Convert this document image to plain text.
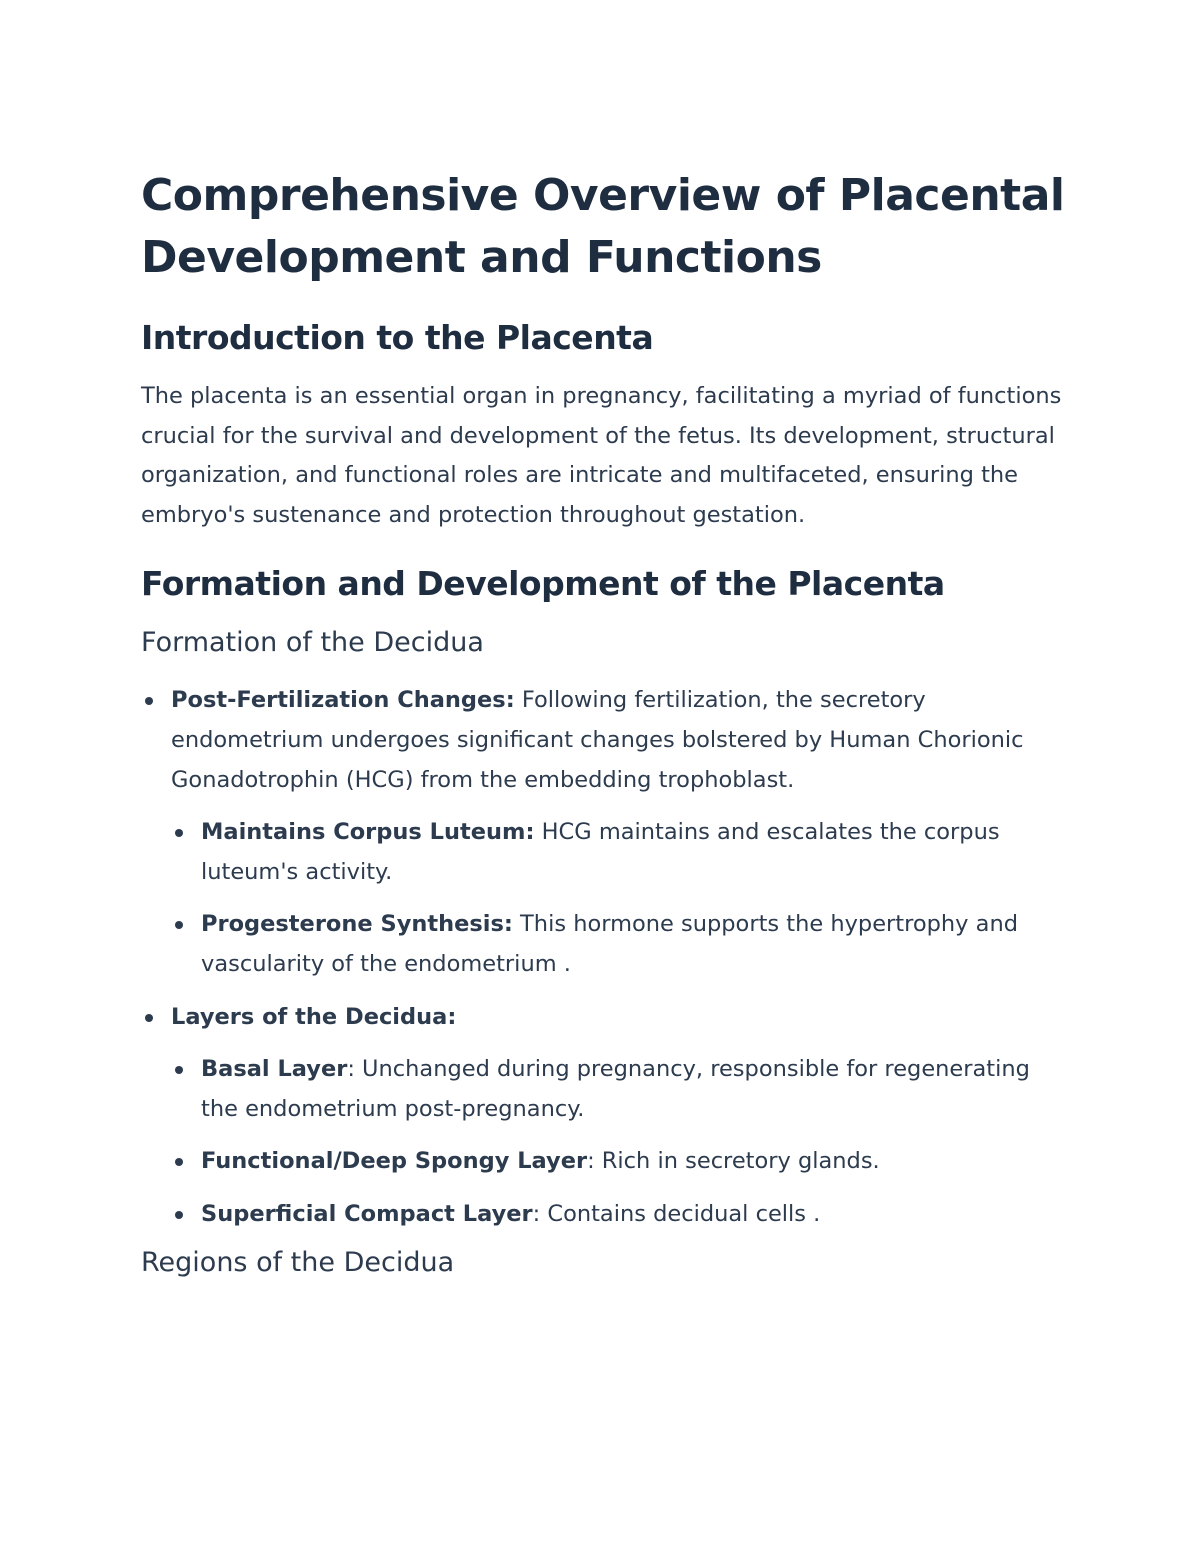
Comprehensive Overview of Placental Development and Functions
Introduction to the Placenta

The placenta is an essential organ in pregnancy, facilitating a myriad of functions crucial for the survival and development of the fetus. Its development, structural organization, and functional roles are intricate and multifaceted, ensuring the embryo's sustenance and protection throughout gestation.

Formation and Development of the Placenta
Formation of the Decidua
Post-Fertilization Changes: Following fertilization, the secretory endometrium undergoes significant changes bolstered by Human Chorionic Gonadotrophin (HCG) from the embedding trophoblast.
Maintains Corpus Luteum: HCG maintains and escalates the corpus luteum's activity.
Progesterone Synthesis: This hormone supports the hypertrophy and vascularity of the endometrium .
Layers of the Decidua:
Basal Layer: Unchanged during pregnancy, responsible for regenerating the endometrium post-pregnancy.
Functional/Deep Spongy Layer: Rich in secretory glands.
Superficial Compact Layer: Contains decidual cells .
Regions of the Decidua
